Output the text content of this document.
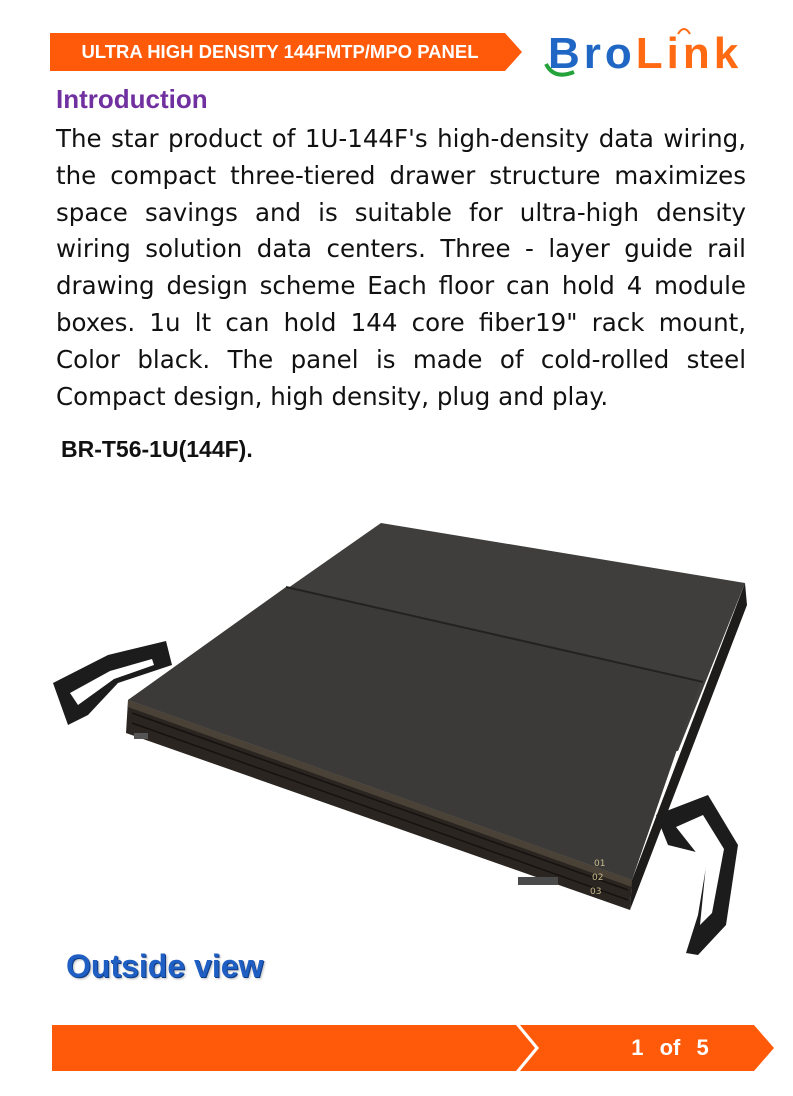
ULTRA HIGH DENSITY 144FMTP/MPO PANEL	BroLink
Introduction

The star product of 1U-144F's high-density data wiring, the compact three-tiered drawer structure maximizes space savings and is suitable for ultra-high density wiring solution data centers. Three - layer guide rail drawing design scheme Each floor can hold 4 module boxes. 1u lt can hold 144 core fiber19" rack mount, Color black. The panel is made of cold-rolled steel Compact design, high density, plug and play.

BR-T56-1U(144F).
01
02
03
Outside view
1 of 5
